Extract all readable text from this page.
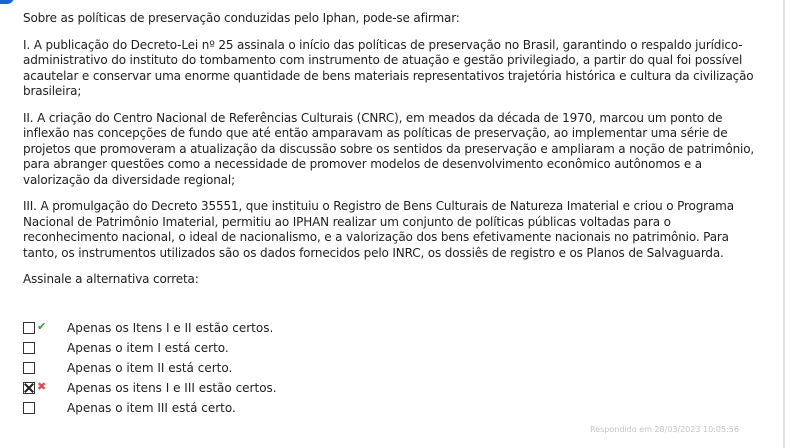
Sobre as políticas de preservação conduzidas pelo Iphan, pode-se afirmar:

I. A publicação do Decreto-Lei nº 25 assinala o início das políticas de preservação no Brasil, garantindo o respaldo jurídico-administrativo do instituto do tombamento com instrumento de atuação e gestão privilegiado, a partir do qual foi possível acautelar e conservar uma enorme quantidade de bens materiais representativos trajetória histórica e cultura da civilização brasileira;

II. A criação do Centro Nacional de Referências Culturais (CNRC), em meados da década de 1970, marcou um ponto de inflexão nas concepções de fundo que até então amparavam as políticas de preservação, ao implementar uma série de projetos que promoveram a atualização da discussão sobre os sentidos da preservação e ampliaram a noção de patrimônio, para abranger questões como a necessidade de promover modelos de desenvolvimento econômico autônomos e a valorização da diversidade regional;

III. A promulgação do Decreto 35551, que instituiu o Registro de Bens Culturais de Natureza Imaterial e criou o Programa Nacional de Patrimônio Imaterial, permitiu ao IPHAN realizar um conjunto de políticas públicas voltadas para o reconhecimento nacional, o ideal de nacionalismo, e a valorização dos bens efetivamente nacionais no patrimônio. Para tanto, os instrumentos utilizados são os dados fornecidos pelo INRC, os dossiês de registro e os Planos de Salvaguarda.

Assinale a alternativa correta:

✔ Apenas os Itens I e II estão certos.
Apenas o item I está certo.
Apenas o item II está certo.
✖ Apenas os itens I e III estão certos.
Apenas o item III está certo.
Respondido em 28/03/2023 10:05:56
